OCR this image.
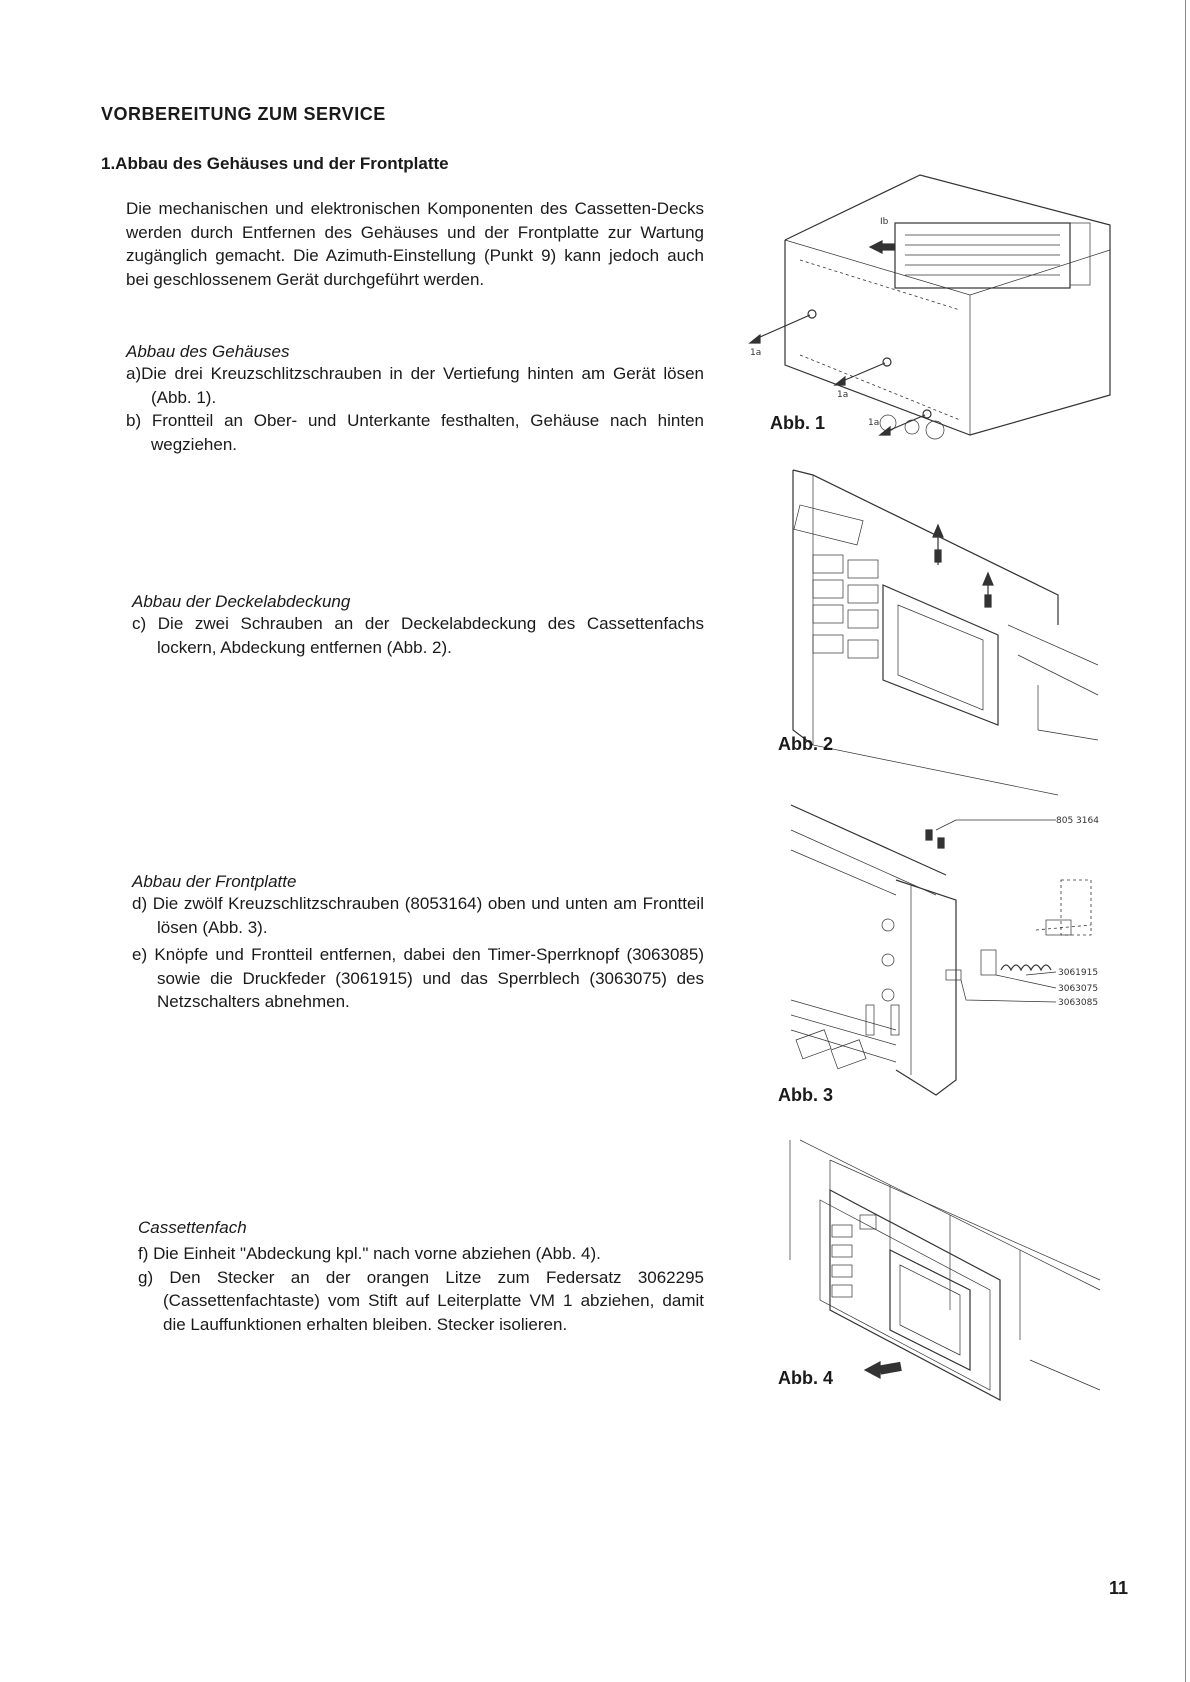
VORBEREITUNG ZUM SERVICE
1.Abbau des Gehäuses und der Frontplatte
Die mechanischen und elektronischen Komponenten des Cassetten-Decks werden durch Entfernen des Gehäuses und der Frontplatte zur Wartung zugänglich gemacht. Die Azimuth-Einstellung (Punkt 9) kann jedoch auch bei geschlossenem Gerät durchgeführt werden.
Abbau des Gehäuses
a)Die drei Kreuzschlitzschrauben in der Vertiefung hinten am Gerät lösen (Abb. 1).
b) Frontteil an Ober- und Unterkante festhalten, Gehäuse nach hinten wegziehen.
Abbau der Deckelabdeckung
c) Die zwei Schrauben an der Deckelabdeckung des Cassettenfachs lockern, Abdeckung entfernen (Abb. 2).
Abbau der Frontplatte
d) Die zwölf Kreuzschlitzschrauben (8053164) oben und unten am Frontteil lösen (Abb. 3).
e) Knöpfe und Frontteil entfernen, dabei den Timer-Sperrknopf (3063085) sowie die Druckfeder (3061915) und das Sperrblech (3063075) des Netzschalters abnehmen.
Cassettenfach
f) Die Einheit "Abdeckung kpl." nach vorne abziehen (Abb. 4).
g) Den Stecker an der orangen Litze zum Federsatz 3062295 (Cassettenfachtaste) vom Stift auf Leiterplatte VM 1 abziehen, damit die Lauffunktionen erhalten bleiben. Stecker isolieren.
Ib
1a
1a
1a
Abb. 1
Abb. 2
805 3164
3061915
3063075
3063085
Abb. 3
Abb. 4
11
